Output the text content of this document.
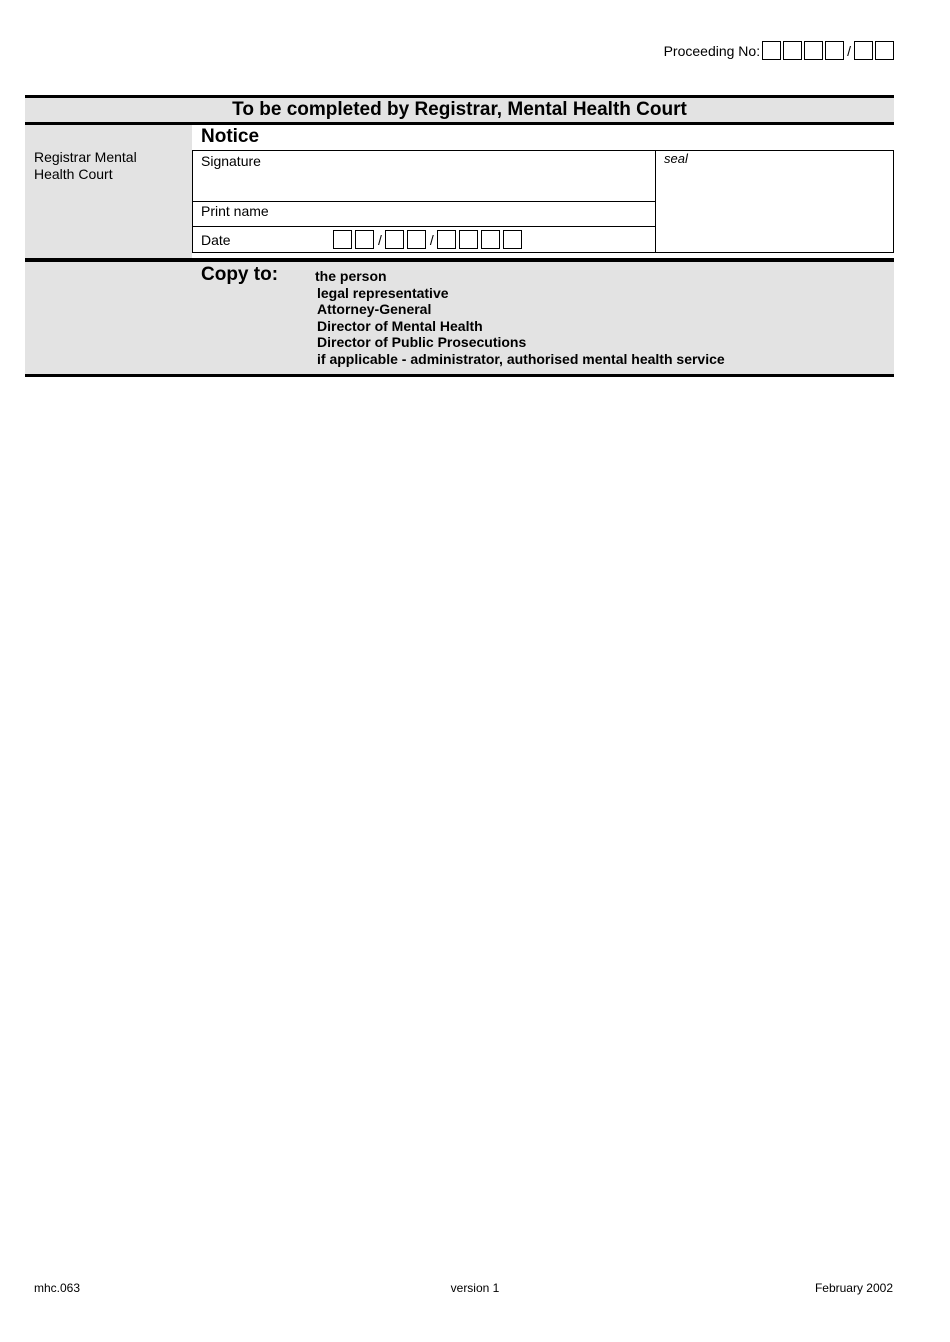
Proceeding No:	/
To be completed by Registrar, Mental Health Court
Registrar Mental Health Court
Notice
Signature
Print name
Date	/	/
seal
Copy to:	the person
legal representative
Attorney-General
Director of Mental Health
Director of Public Prosecutions
if applicable - administrator, authorised mental health service
mhc.063	version 1	February 2002
